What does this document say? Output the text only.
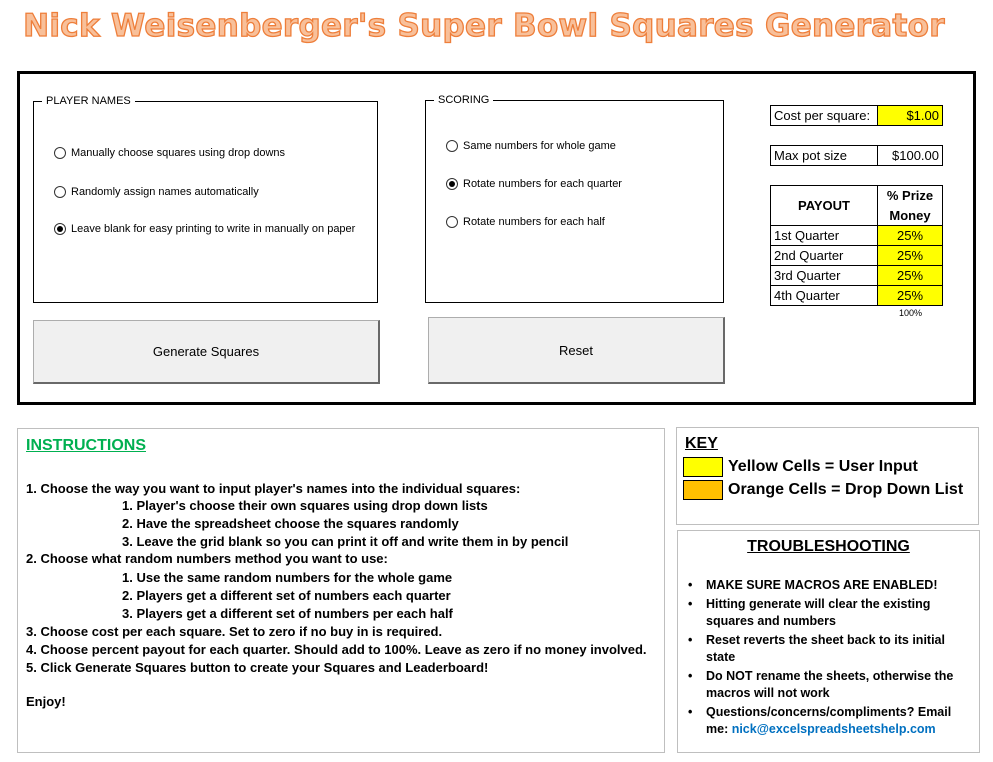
Nick Weisenberger's Super Bowl Squares Generator
PLAYER NAMES
Manually choose squares using drop downs
Randomly assign names automatically
Leave blank for easy printing to write in manually on paper
SCORING
Same numbers for whole game
Rotate numbers for each quarter
Rotate numbers for each half
Generate Squares	Reset
Cost per square:	$1.00
Max pot size	$100.00
PAYOUT	% Prize
	Money
1st Quarter	25%
2nd Quarter	25%
3rd Quarter	25%
4th Quarter	25%
100%
INSTRUCTIONS
1. Choose the way you want to input player's names into the individual squares:
1. Player's choose their own squares using drop down lists
2. Have the spreadsheet choose the squares randomly
3. Leave the grid blank so you can print it off and write them in by pencil
2. Choose what random numbers method you want to use:
1. Use the same random numbers for the whole game
2. Players get a different set of numbers each quarter
3. Players get a different set of numbers per each half
3. Choose cost per each square. Set to zero if no buy in is required.
4. Choose percent payout for each quarter. Should add to 100%. Leave as zero if no money involved.
5. Click Generate Squares button to create your Squares and Leaderboard!
Enjoy!
KEY
Yellow Cells = User Input
Orange Cells = Drop Down List
TROUBLESHOOTING
• MAKE SURE MACROS ARE ENABLED!
• Hitting generate will clear the existing squares and numbers
• Reset reverts the sheet back to its initial state
• Do NOT rename the sheets, otherwise the macros will not work
• Questions/concerns/compliments? Email me: nick@excelspreadsheetshelp.com
